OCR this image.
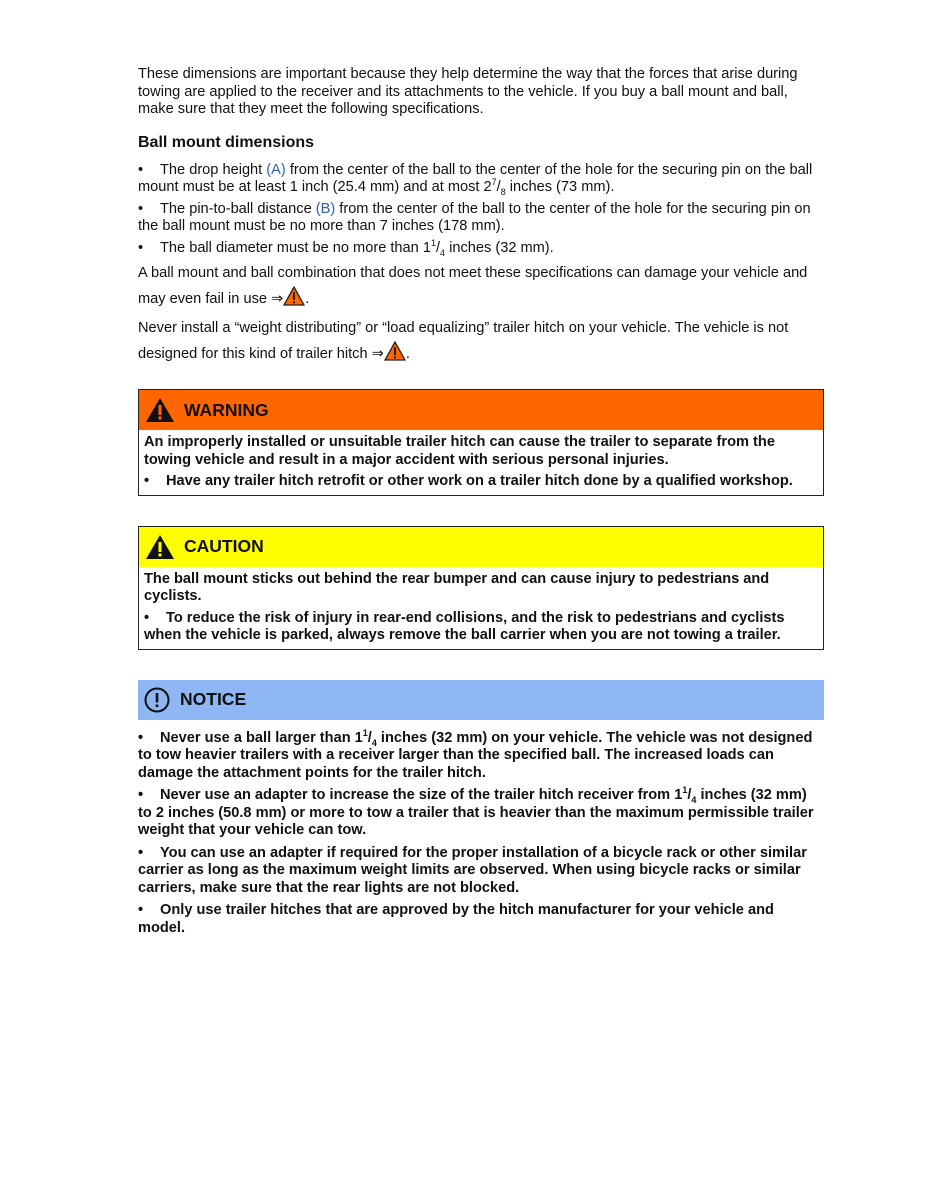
These dimensions are important because they help determine the way that the forces that arise during towing are applied to the receiver and its attachments to the vehicle. If you buy a ball mount and ball, make sure that they meet the following specifications.

Ball mount dimensions

• The drop height (A) from the center of the ball to the center of the hole for the securing pin on the ball mount must be at least 1 inch (25.4 mm) and at most $2^7/_8$ inches (73 mm).

• The pin-to-ball distance (B) from the center of the ball to the center of the hole for the securing pin on the ball mount must be no more than 7 inches (178 mm).

• The ball diameter must be no more than $1^1/_4$ inches (32 mm).

A ball mount and ball combination that does not meet these specifications can damage your vehicle and may even fail in use ⇒ .

Never install a “weight distributing” or “load equalizing” trailer hitch on your vehicle. The vehicle is not designed for this kind of trailer hitch ⇒ .

WARNING
An improperly installed or unsuitable trailer hitch can cause the trailer to separate from the towing vehicle and result in a major accident with serious personal injuries.
• Have any trailer hitch retrofit or other work on a trailer hitch done by a qualified workshop.
CAUTION
The ball mount sticks out behind the rear bumper and can cause injury to pedestrians and cyclists.
• To reduce the risk of injury in rear-end collisions, and the risk to pedestrians and cyclists when the vehicle is parked, always remove the ball carrier when you are not towing a trailer.
NOTICE
• Never use a ball larger than $1^1/_4$ inches (32 mm) on your vehicle. The vehicle was not designed to tow heavier trailers with a receiver larger than the specified ball. The increased loads can damage the attachment points for the trailer hitch.
• Never use an adapter to increase the size of the trailer hitch receiver from $1^1/_4$ inches (32 mm) to 2 inches (50.8 mm) or more to tow a trailer that is heavier than the maximum permissible trailer weight that your vehicle can tow.
• You can use an adapter if required for the proper installation of a bicycle rack or other similar carrier as long as the maximum weight limits are observed. When using bicycle racks or similar carriers, make sure that the rear lights are not blocked.
• Only use trailer hitches that are approved by the hitch manufacturer for your vehicle and model.
